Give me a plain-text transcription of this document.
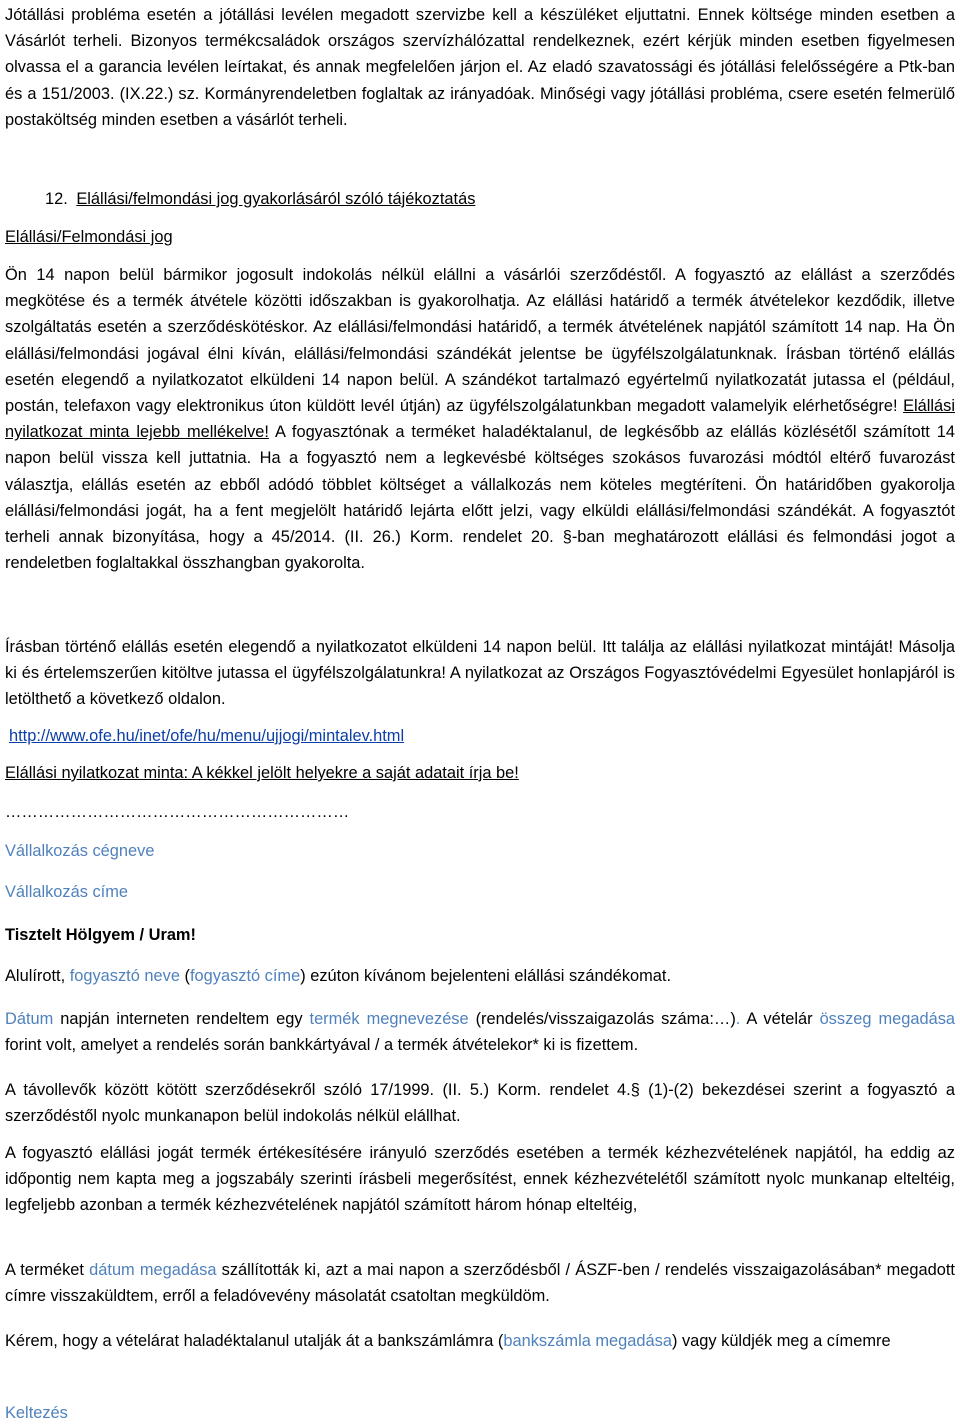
Jótállási probléma esetén a jótállási levélen megadott szervizbe kell a készüléket eljuttatni. Ennek költsége minden esetben a Vásárlót terheli. Bizonyos termékcsaládok országos szervízhálózattal rendelkeznek, ezért kérjük minden esetben figyelmesen olvassa el a garancia levélen leírtakat, és annak megfelelően járjon el. Az eladó szavatossági és jótállási felelősségére a Ptk-ban és a 151/2003. (IX.22.) sz. Kormányrendeletben foglaltak az irányadóak. Minőségi vagy jótállási probléma, csere esetén felmerülő postaköltség minden esetben a vásárlót terheli.

12. Elállási/felmondási jog gyakorlásáról szóló tájékoztatás

Elállási/Felmondási jog

Ön 14 napon belül bármikor jogosult indokolás nélkül elállni a vásárlói szerződéstől. A fogyasztó az elállást a szerződés megkötése és a termék átvétele közötti időszakban is gyakorolhatja. Az elállási határidő a termék átvételekor kezdődik, illetve szolgáltatás esetén a szerződéskötéskor. Az elállási/felmondási határidő, a termék átvételének napjától számított 14 nap. Ha Ön elállási/felmondási jogával élni kíván, elállási/felmondási szándékát jelentse be ügyfélszolgálatunknak. Írásban történő elállás esetén elegendő a nyilatkozatot elküldeni 14 napon belül. A szándékot tartalmazó egyértelmű nyilatkozatát jutassa el (például, postán, telefaxon vagy elektronikus úton küldött levél útján) az ügyfélszolgálatunkban megadott valamelyik elérhetőségre! Elállási nyilatkozat minta lejebb mellékelve! A fogyasztónak a terméket haladéktalanul, de legkésőbb az elállás közlésétől számított 14 napon belül vissza kell juttatnia. Ha a fogyasztó nem a legkevésbé költséges szokásos fuvarozási módtól eltérő fuvarozást választja, elállás esetén az ebből adódó többlet költséget a vállalkozás nem köteles megtéríteni. Ön határidőben gyakorolja elállási/felmondási jogát, ha a fent megjelölt határidő lejárta előtt jelzi, vagy elküldi elállási/felmondási szándékát. A fogyasztót terheli annak bizonyítása, hogy a 45/2014. (II. 26.) Korm. rendelet 20. §-ban meghatározott elállási és felmondási jogot a rendeletben foglaltakkal összhangban gyakorolta.

Írásban történő elállás esetén elegendő a nyilatkozatot elküldeni 14 napon belül. Itt találja az elállási nyilatkozat mintáját! Másolja ki és értelemszerűen kitöltve jutassa el ügyfélszolgálatunkra! A nyilatkozat az Országos Fogyasztóvédelmi Egyesület honlapjáról is letölthető a következő oldalon.

http://www.ofe.hu/inet/ofe/hu/menu/ujjogi/mintalev.html

Elállási nyilatkozat minta: A kékkel jelölt helyekre a saját adatait írja be!

………………………………………………………

Vállalkozás cégneve

Vállalkozás címe

Tisztelt Hölgyem / Uram!

Alulírott, fogyasztó neve (fogyasztó címe) ezúton kívánom bejelenteni elállási szándékomat.

Dátum napján interneten rendeltem egy termék megnevezése (rendelés/visszaigazolás száma:…). A vételár összeg megadása forint volt, amelyet a rendelés során bankkártyával / a termék átvételekor* ki is fizettem.

A távollevők között kötött szerződésekről szóló 17/1999. (II. 5.) Korm. rendelet 4.§ (1)-(2) bekezdései szerint a fogyasztó a szerződéstől nyolc munkanapon belül indokolás nélkül elállhat.

A fogyasztó elállási jogát termék értékesítésére irányuló szerződés esetében a termék kézhezvételének napjától, ha eddig az időpontig nem kapta meg a jogszabály szerinti írásbeli megerősítést, ennek kézhezvételétől számított nyolc munkanap elteltéig, legfeljebb azonban a termék kézhezvételének napjától számított három hónap elteltéig,

A terméket dátum megadása szállították ki, azt a mai napon a szerződésből / ÁSZF-ben / rendelés visszaigazolásában* megadott címre visszaküldtem, erről a feladóvevény másolatát csatoltan megküldöm.

Kérem, hogy a vételárat haladéktalanul utalják át a bankszámlámra (bankszámla megadása) vagy küldjék meg a címemre

Keltezés
